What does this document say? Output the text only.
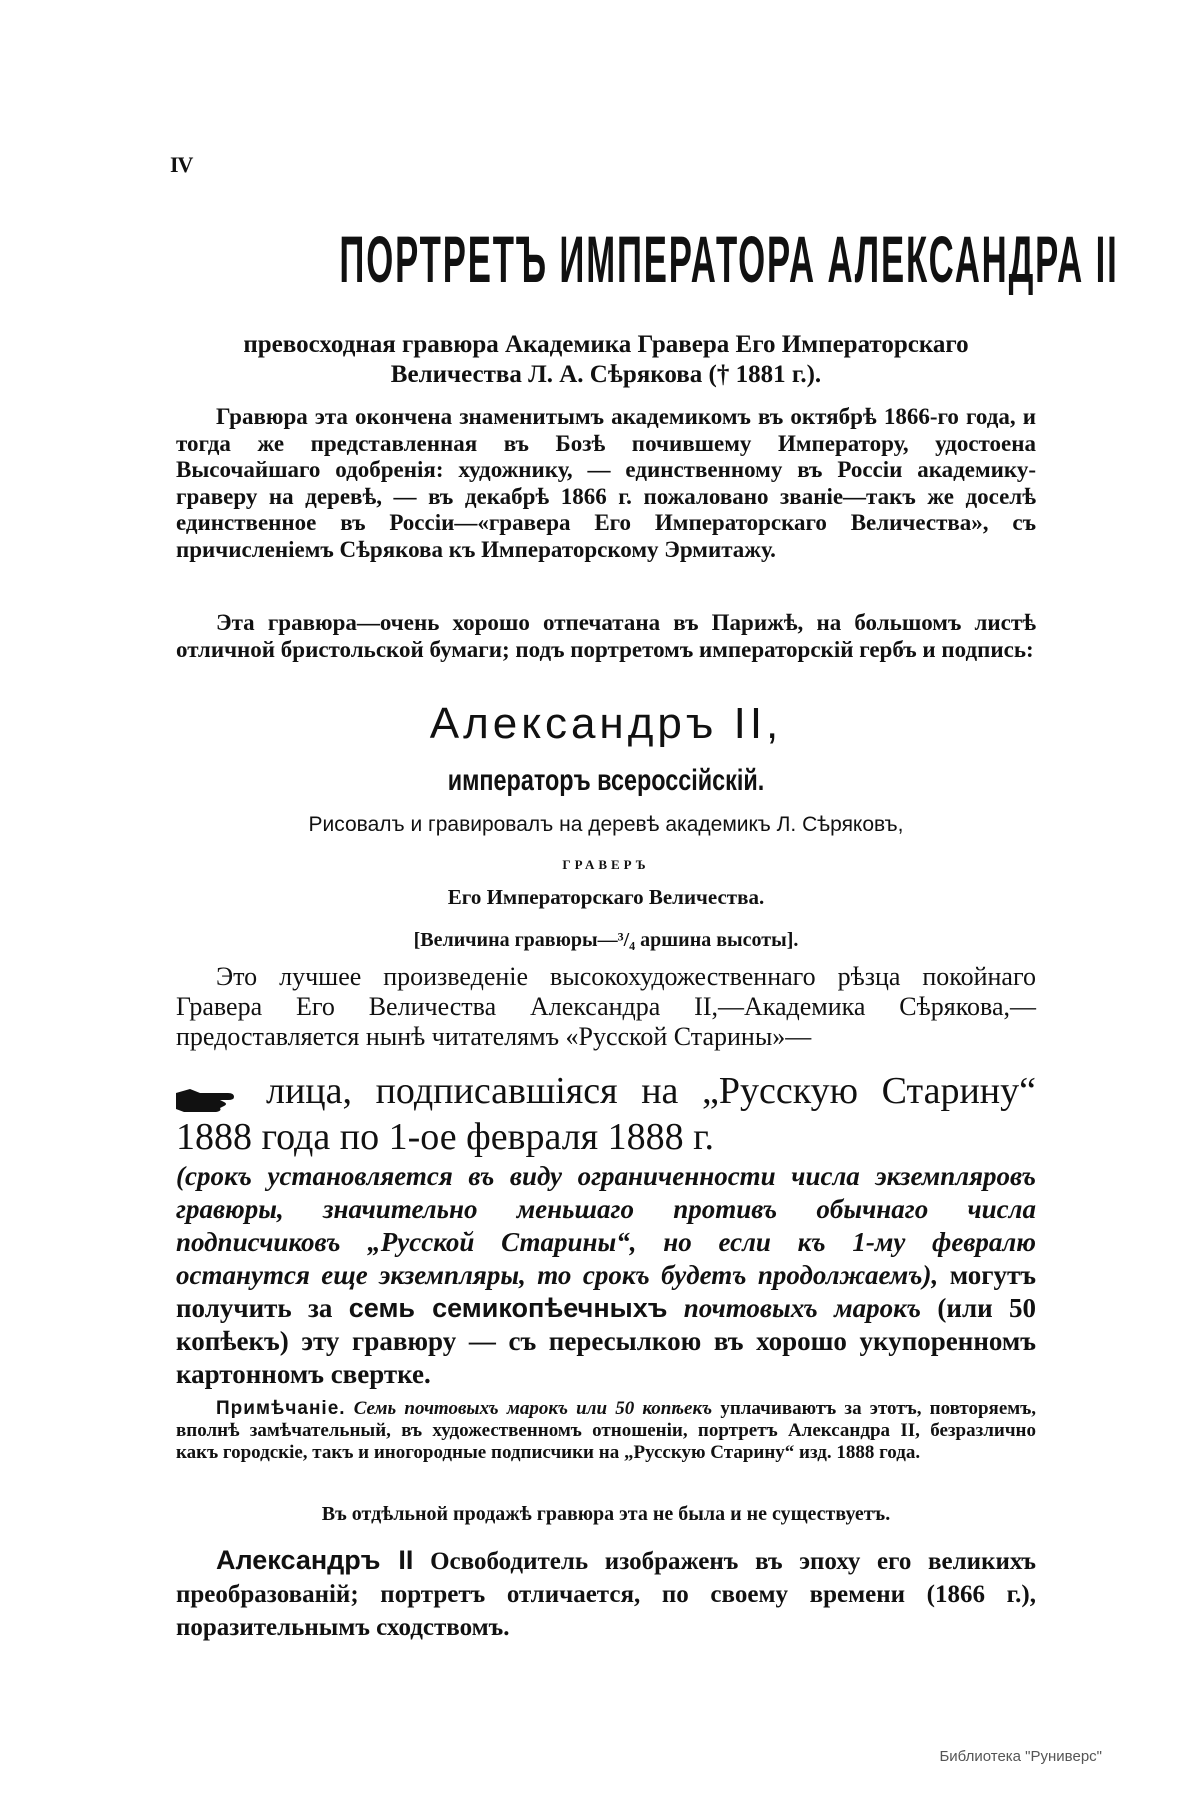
IV
ПОРТРЕТЪ ИМПЕРАТОРА АЛЕКСАНДРА II
превосходная гравюра Академика Гравера Его Императорскаго Величества Л. А. Сѣрякова († 1881 г.).
Гравюра эта окончена знаменитымъ академикомъ въ октябрѣ 1866-го года, и тогда же представленная въ Бозѣ почившему Императору, удостоена Высочайшаго одобренія: художнику, — единственному въ Россіи академику-граверу на деревѣ, — въ декабрѣ 1866 г. пожаловано званіе—такъ же доселѣ единственное въ Россіи—«гравера Его Императорскаго Величества», съ причисленіемъ Сѣрякова къ Императорскому Эрмитажу.
Эта гравюра—очень хорошо отпечатана въ Парижѣ, на большомъ листѣ отличной бристольской бумаги; подъ портретомъ императорскій гербъ и подпись:
Александръ II,
императоръ всероссійскій.
Рисовалъ и гравировалъ на деревѣ академикъ Л. Сѣряковъ,
ГРАВЕРЪ
Его Императорскаго Величества.
[Величина гравюры—³/₄ аршина высоты].
Это лучшее произведеніе высокохудожественнаго рѣзца покойнаго Гравера Его Величества Александра II,—Академика Сѣрякова,—предоставляется нынѣ читателямъ «Русской Старины»—
лица, подписавшіяся на „Русскую Старину“ 1888 года по 1-ое февраля 1888 г.
(срокъ установляется въ виду ограниченности числа экземпляровъ гравюры, значительно меньшаго противъ обычнаго числа подписчиковъ „Русской Старины“, но если къ 1-му февралю останутся еще экземпляры, то срокъ будетъ продолжаемъ), могутъ получить за семь семикопѣечныхъ почтовыхъ марокъ (или 50 копѣекъ) эту гравюру — съ пересылкою въ хорошо укупоренномъ картонномъ свертке.
Примѣчаніе. Семь почтовыхъ марокъ или 50 копѣекъ уплачиваютъ за этотъ, повторяемъ, вполнѣ замѣчательный, въ художественномъ отношеніи, портретъ Александра II, безразлично какъ городскіе, такъ и иногородные подписчики на „Русскую Старину“ изд. 1888 года.
Въ отдѣльной продажѣ гравюра эта не была и не существуетъ.
Александръ II Освободитель изображенъ въ эпоху его великихъ преобразованій; портретъ отличается, по своему времени (1866 г.), поразительнымъ сходствомъ.
Библиотека "Руниверс"
